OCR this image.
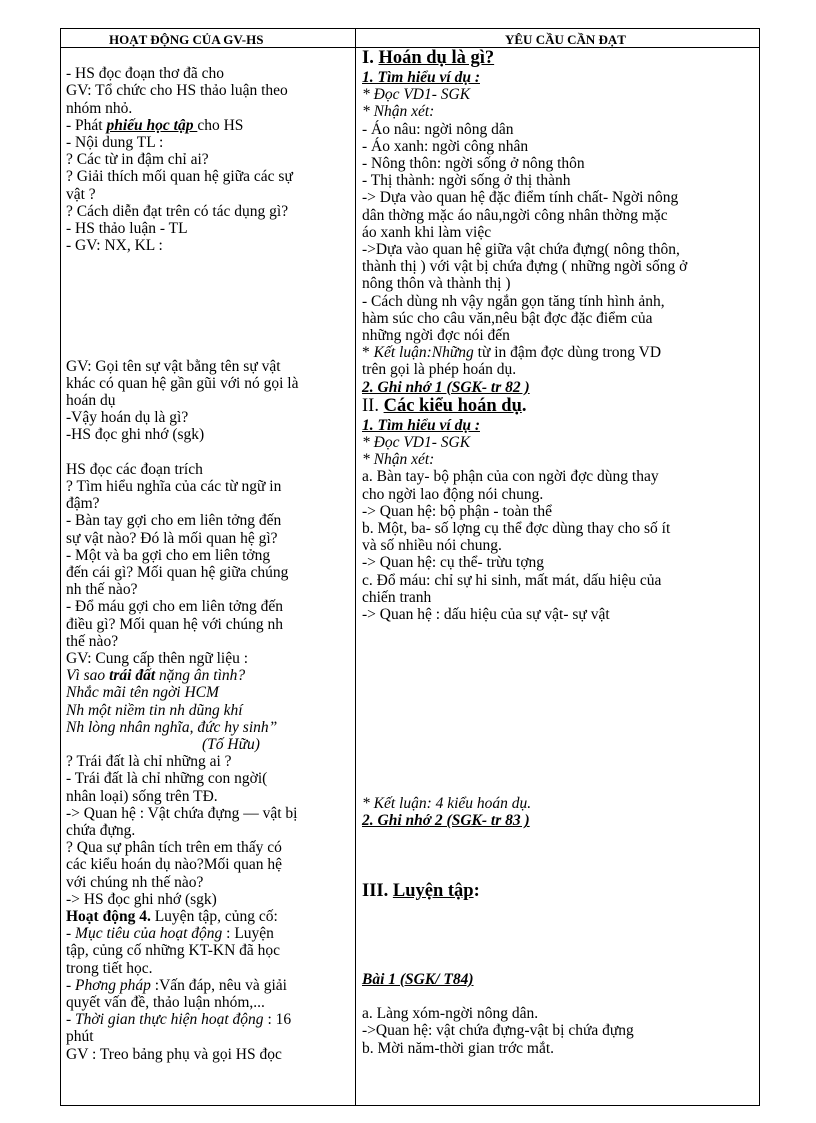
HOẠT ĐỘNG CỦA GV-HS	YÊU CẦU CẦN ĐẠT
- HS đọc đoạn thơ đã cho
GV: Tổ chức cho HS thảo luận theo
nhóm nhỏ.
- Phát phiếu học tập cho HS
- Nội dung TL :
? Các từ in đậm chỉ ai?
? Giải thích mối quan hệ giữa các sự
vật ?
? Cách diễn đạt trên có tác dụng gì?
- HS thảo luận - TL
- GV: NX, KL :
GV: Gọi tên sự vật bằng tên sự vật
khác có quan hệ gần gũi với nó gọi là
hoán dụ
-Vậy hoán dụ là gì?
-HS đọc ghi nhớ (sgk)
HS đọc các đoạn trích
? Tìm hiểu nghĩa của các từ ngữ in
đậm?
- Bàn tay gợi cho em liên tởng đến
sự vật nào? Đó là mối quan hệ gì?
- Một và ba gợi cho em liên tởng
đến cái gì? Mối quan hệ giữa chúng
nh thế nào?
- Đổ máu gợi cho em liên tởng đến
điều gì? Mối quan hệ với chúng nh
thế nào?
GV: Cung cấp thên ngữ liệu :
Vì sao trái đất nặng ân tình?
Nhắc mãi tên ngời HCM
Nh một niềm tin nh dũng khí
Nh lòng nhân nghĩa, đức hy sinh”
(Tố Hữu)
? Trái đất là chỉ những ai ?
- Trái đất là chỉ những con ngời(
nhân loại) sống trên TĐ.
-> Quan hệ : Vật chứa đựng — vật bị
chứa đựng.
? Qua sự phân tích trên em thấy có
các kiểu hoán dụ nào?Mối quan hệ
với chúng nh thế nào?
-> HS đọc ghi nhớ (sgk)
Hoạt động 4. Luyện tập, củng cố:
- Mục tiêu của hoạt động : Luyện
tập, củng cố những KT-KN đã học
trong tiết học.
- Phơng pháp :Vấn đáp, nêu và giải
quyết vấn đề, thảo luận nhóm,...
- Thời gian thực hiện hoạt động : 16
phút
GV : Treo bảng phụ và gọi HS đọc
I. Hoán dụ là gì?
1. Tìm hiểu ví dụ :
* Đọc VD1- SGK
* Nhận xét:
- Áo nâu: ngời nông dân
- Áo xanh: ngời công nhân
- Nông thôn: ngời sống ở nông thôn
- Thị thành: ngời sống ở thị thành
-> Dựa vào quan hệ đặc điểm tính chất- Ngời nông
dân thờng mặc áo nâu,ngời công nhân thờng mặc
áo xanh khi làm việc
->Dựa vào quan hệ giữa vật chứa đựng( nông thôn,
thành thị ) với vật bị chứa đựng ( những ngời sống ở
nông thôn và thành thị )
- Cách dùng nh vậy ngắn gọn tăng tính hình ảnh,
hàm súc cho câu văn,nêu bật đợc đặc điểm của
những ngời đợc nói đến
* Kết luận:Những từ in đậm đợc dùng trong VD
trên gọi là phép hoán dụ.
2. Ghi nhớ 1 (SGK- tr 82 )
II. Các kiểu hoán dụ.
1. Tìm hiểu ví dụ :
* Đọc VD1- SGK
* Nhận xét:
a. Bàn tay- bộ phận của con ngời đợc dùng thay
cho ngời lao động nói chung.
-> Quan hệ: bộ phận - toàn thể
b. Một, ba- số lợng cụ thể đợc dùng thay cho số ít
và số nhiều nói chung.
-> Quan hệ: cụ thể- trừu tợng
c. Đổ máu: chỉ sự hi sinh, mất mát, dấu hiệu của
chiến tranh
-> Quan hệ : dấu hiệu của sự vật- sự vật
* Kết luận: 4 kiểu hoán dụ.
2. Ghi nhớ 2 (SGK- tr 83 )
III. Luyện tập:
Bài 1 (SGK/ T84)
a. Làng xóm-ngời nông dân.
->Quan hệ: vật chứa đựng-vật bị chứa đựng
b. Mời năm-thời gian trớc mắt.
